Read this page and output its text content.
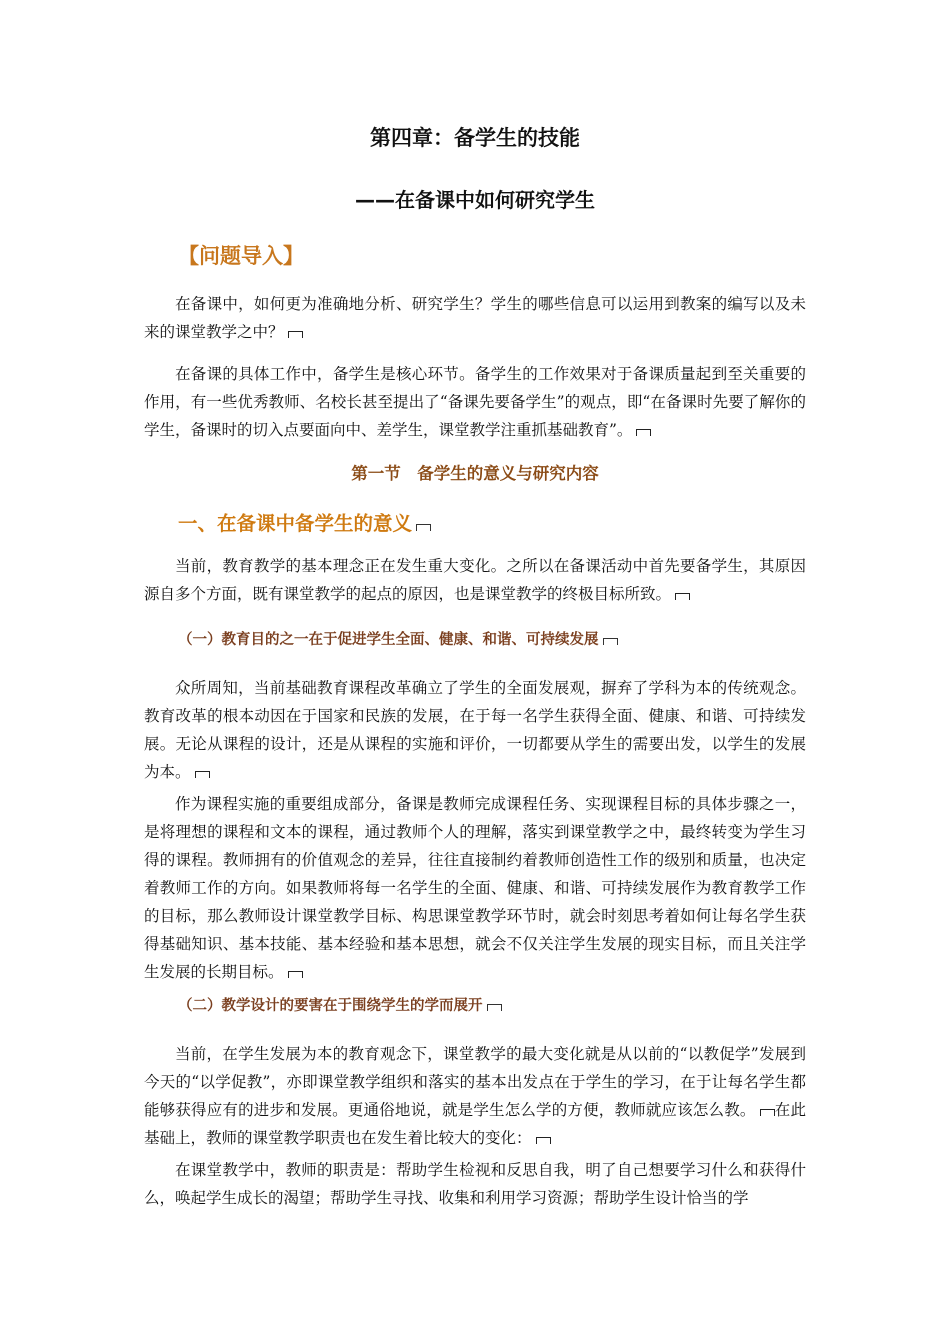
第四章：备学生的技能
——在备课中如何研究学生
【问题导入】

在备课中，如何更为准确地分析、研究学生？学生的哪些信息可以运用到教案的编写以及未来的课堂教学之中？

在备课的具体工作中，备学生是核心环节。备学生的工作效果对于备课质量起到至关重要的作用，有一些优秀教师、名校长甚至提出了“备课先要备学生”的观点，即“在备课时先要了解你的学生，备课时的切入点要面向中、差学生，课堂教学注重抓基础教育”。

第一节　备学生的意义与研究内容
一、在备课中备学生的意义

当前，教育教学的基本理念正在发生重大变化。之所以在备课活动中首先要备学生，其原因源自多个方面，既有课堂教学的起点的原因，也是课堂教学的终极目标所致。

（一）教育目的之一在于促进学生全面、健康、和谐、可持续发展

众所周知，当前基础教育课程改革确立了学生的全面发展观，摒弃了学科为本的传统观念。教育改革的根本动因在于国家和民族的发展，在于每一名学生获得全面、健康、和谐、可持续发展。无论从课程的设计，还是从课程的实施和评价，一切都要从学生的需要出发，以学生的发展为本。

作为课程实施的重要组成部分，备课是教师完成课程任务、实现课程目标的具体步骤之一，是将理想的课程和文本的课程，通过教师个人的理解，落实到课堂教学之中，最终转变为学生习得的课程。教师拥有的价值观念的差异，往往直接制约着教师创造性工作的级别和质量，也决定着教师工作的方向。如果教师将每一名学生的全面、健康、和谐、可持续发展作为教育教学工作的目标，那么教师设计课堂教学目标、构思课堂教学环节时，就会时刻思考着如何让每名学生获得基础知识、基本技能、基本经验和基本思想，就会不仅关注学生发展的现实目标，而且关注学生发展的长期目标。

（二）教学设计的要害在于围绕学生的学而展开

当前，在学生发展为本的教育观念下，课堂教学的最大变化就是从以前的“以教促学”发展到今天的“以学促教”，亦即课堂教学组织和落实的基本出发点在于学生的学习，在于让每名学生都能够获得应有的进步和发展。更通俗地说，就是学生怎么学的方便，教师就应该怎么教。 在此基础上，教师的课堂教学职责也在发生着比较大的变化：

在课堂教学中，教师的职责是：帮助学生检视和反思自我，明了自己想要学习什么和获得什么，唤起学生成长的渴望；帮助学生寻找、收集和利用学习资源；帮助学生设计恰当的学
